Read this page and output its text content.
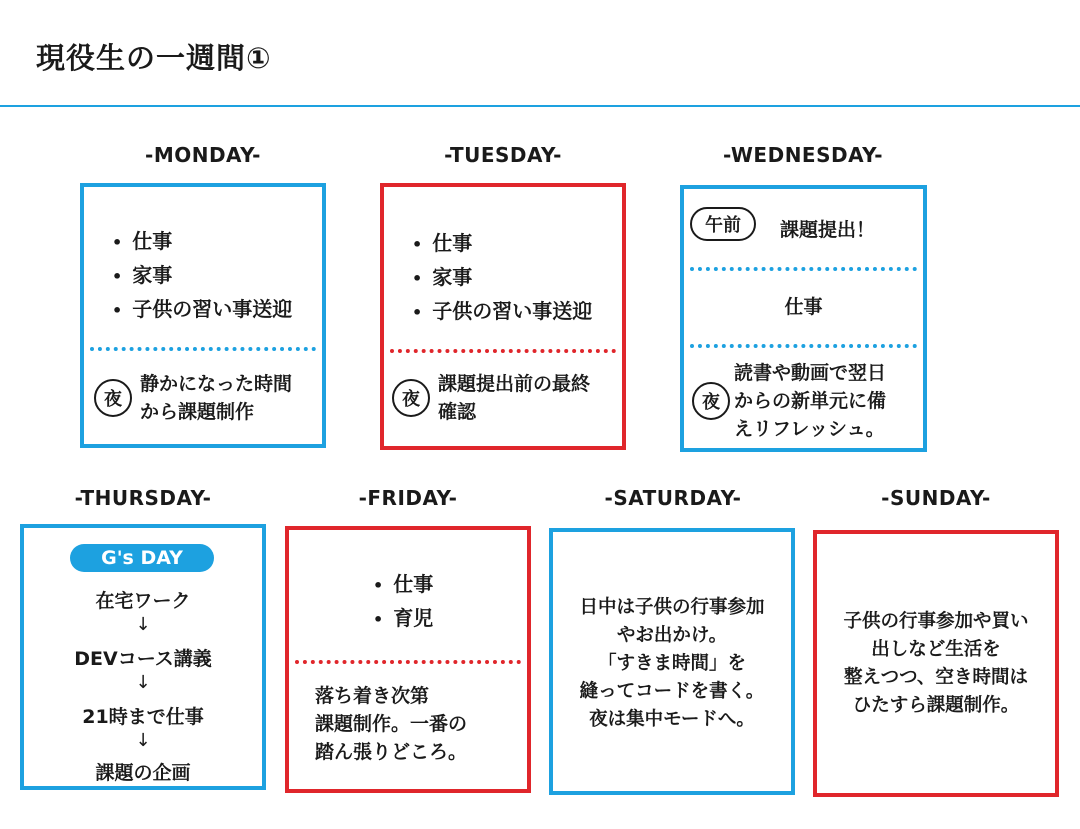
現役生の一週間①
-MONDAY-
• 仕事
• 家事
• 子供の習い事送迎
夜
静かになった時間
から課題制作
-TUESDAY-
• 仕事
• 家事
• 子供の習い事送迎
夜
課題提出前の最終
確認
-WEDNESDAY-
午前	課題提出！
仕事
夜
読書や動画で翌日
からの新単元に備
えリフレッシュ。
-THURSDAY-
G's DAY
在宅ワーク
↓
DEVコース講義
↓
21時まで仕事
↓
課題の企画
-FRIDAY-
• 仕事
• 育児
落ち着き次第
課題制作。一番の
踏ん張りどころ。
-SATURDAY-
日中は子供の行事参加
やお出かけ。
「すきま時間」を
縫ってコードを書く。
夜は集中モードへ。
-SUNDAY-
子供の行事参加や買い
出しなど生活を
整えつつ、空き時間は
ひたすら課題制作。
